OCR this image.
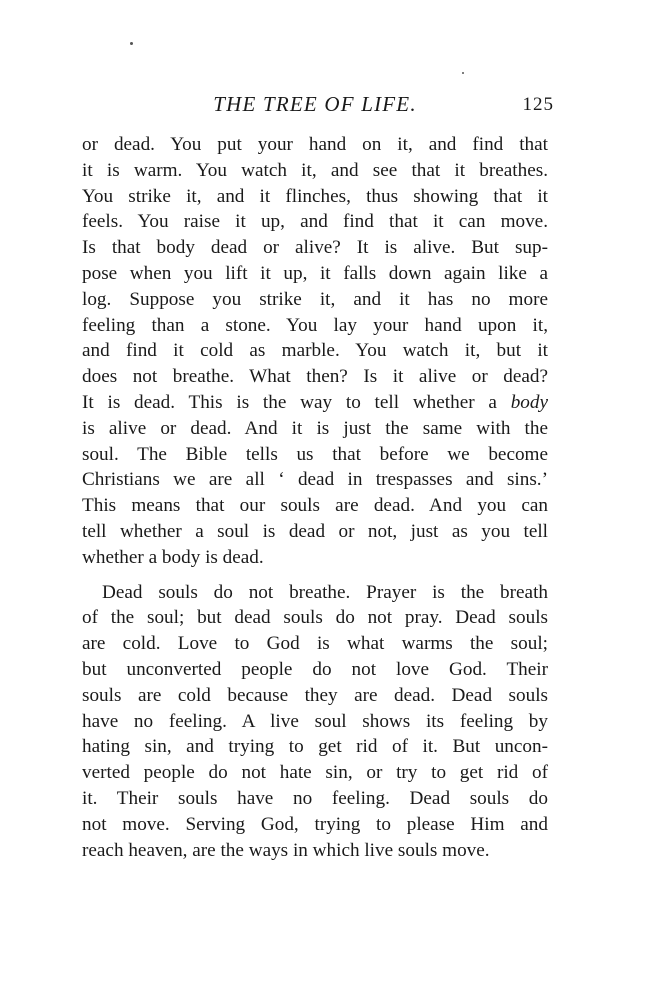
THE TREE OF LIFE.	125
or dead. You put your hand on it, and find that
it is warm. You watch it, and see that it breathes.
You strike it, and it flinches, thus showing that it
feels. You raise it up, and find that it can move.
Is that body dead or alive? It is alive. But sup-
pose when you lift it up, it falls down again like a
log. Suppose you strike it, and it has no more
feeling than a stone. You lay your hand upon it,
and find it cold as marble. You watch it, but it
does not breathe. What then? Is it alive or dead?
It is dead. This is the way to tell whether a body
is alive or dead. And it is just the same with the
soul. The Bible tells us that before we become
Christians we are all ‘ dead in trespasses and sins.’
This means that our souls are dead. And you can
tell whether a soul is dead or not, just as you tell
whether a body is dead.
Dead souls do not breathe. Prayer is the breath
of the soul; but dead souls do not pray. Dead souls
are cold. Love to God is what warms the soul;
but unconverted people do not love God. Their
souls are cold because they are dead. Dead souls
have no feeling. A live soul shows its feeling by
hating sin, and trying to get rid of it. But uncon-
verted people do not hate sin, or try to get rid of
it. Their souls have no feeling. Dead souls do
not move. Serving God, trying to please Him and
reach heaven, are the ways in which live souls move.
